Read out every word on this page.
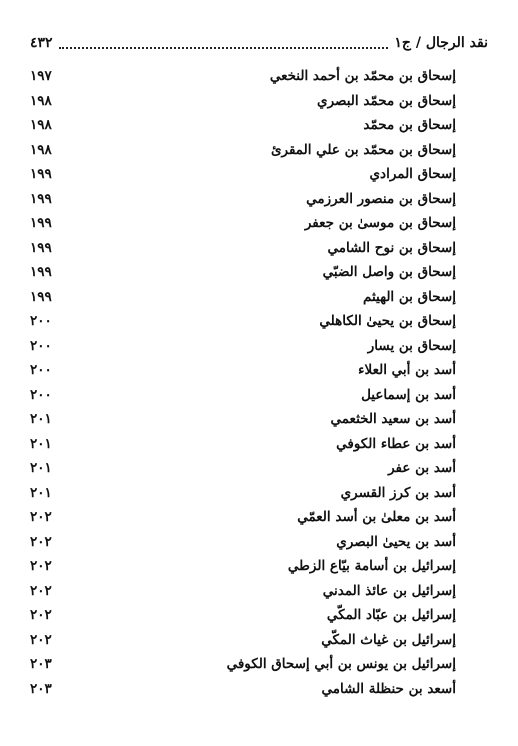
نقد الرجال / ج١
٤٣٢
إسحاق بن محمّد بن أحمد النخعي
١٩٧
إسحاق بن محمّد البصري
١٩٨
إسحاق بن محمّد
١٩٨
إسحاق بن محمّد بن علي المقرئ
١٩٨
إسحاق المرادي
١٩٩
إسحاق بن منصور العرزمي
١٩٩
إسحاق بن موسىٰ بن جعفر
١٩٩
إسحاق بن نوح الشامي
١٩٩
إسحاق بن واصل الضبّي
١٩٩
إسحاق بن الهيثم
١٩٩
إسحاق بن يحيىٰ الكاهلي
٢٠٠
إسحاق بن يسار
٢٠٠
أسد بن أبي العلاء
٢٠٠
أسد بن إسماعيل
٢٠٠
أسد بن سعيد الخثعمي
٢٠١
أسد بن عطاء الكوفي
٢٠١
أسد بن عفر
٢٠١
أسد بن كرز القسري
٢٠١
أسد بن معلىٰ بن أسد العمّي
٢٠٢
أسد بن يحيىٰ البصري
٢٠٢
إسرائيل بن أسامة بيّاع الزطي
٢٠٢
إسرائيل بن عائذ المدني
٢٠٢
إسرائيل بن عبّاد المكّي
٢٠٢
إسرائيل بن غياث المكّي
٢٠٢
إسرائيل بن يونس بن أبي إسحاق الكوفي
٢٠٣
أسعد بن حنظلة الشامي
٢٠٣
